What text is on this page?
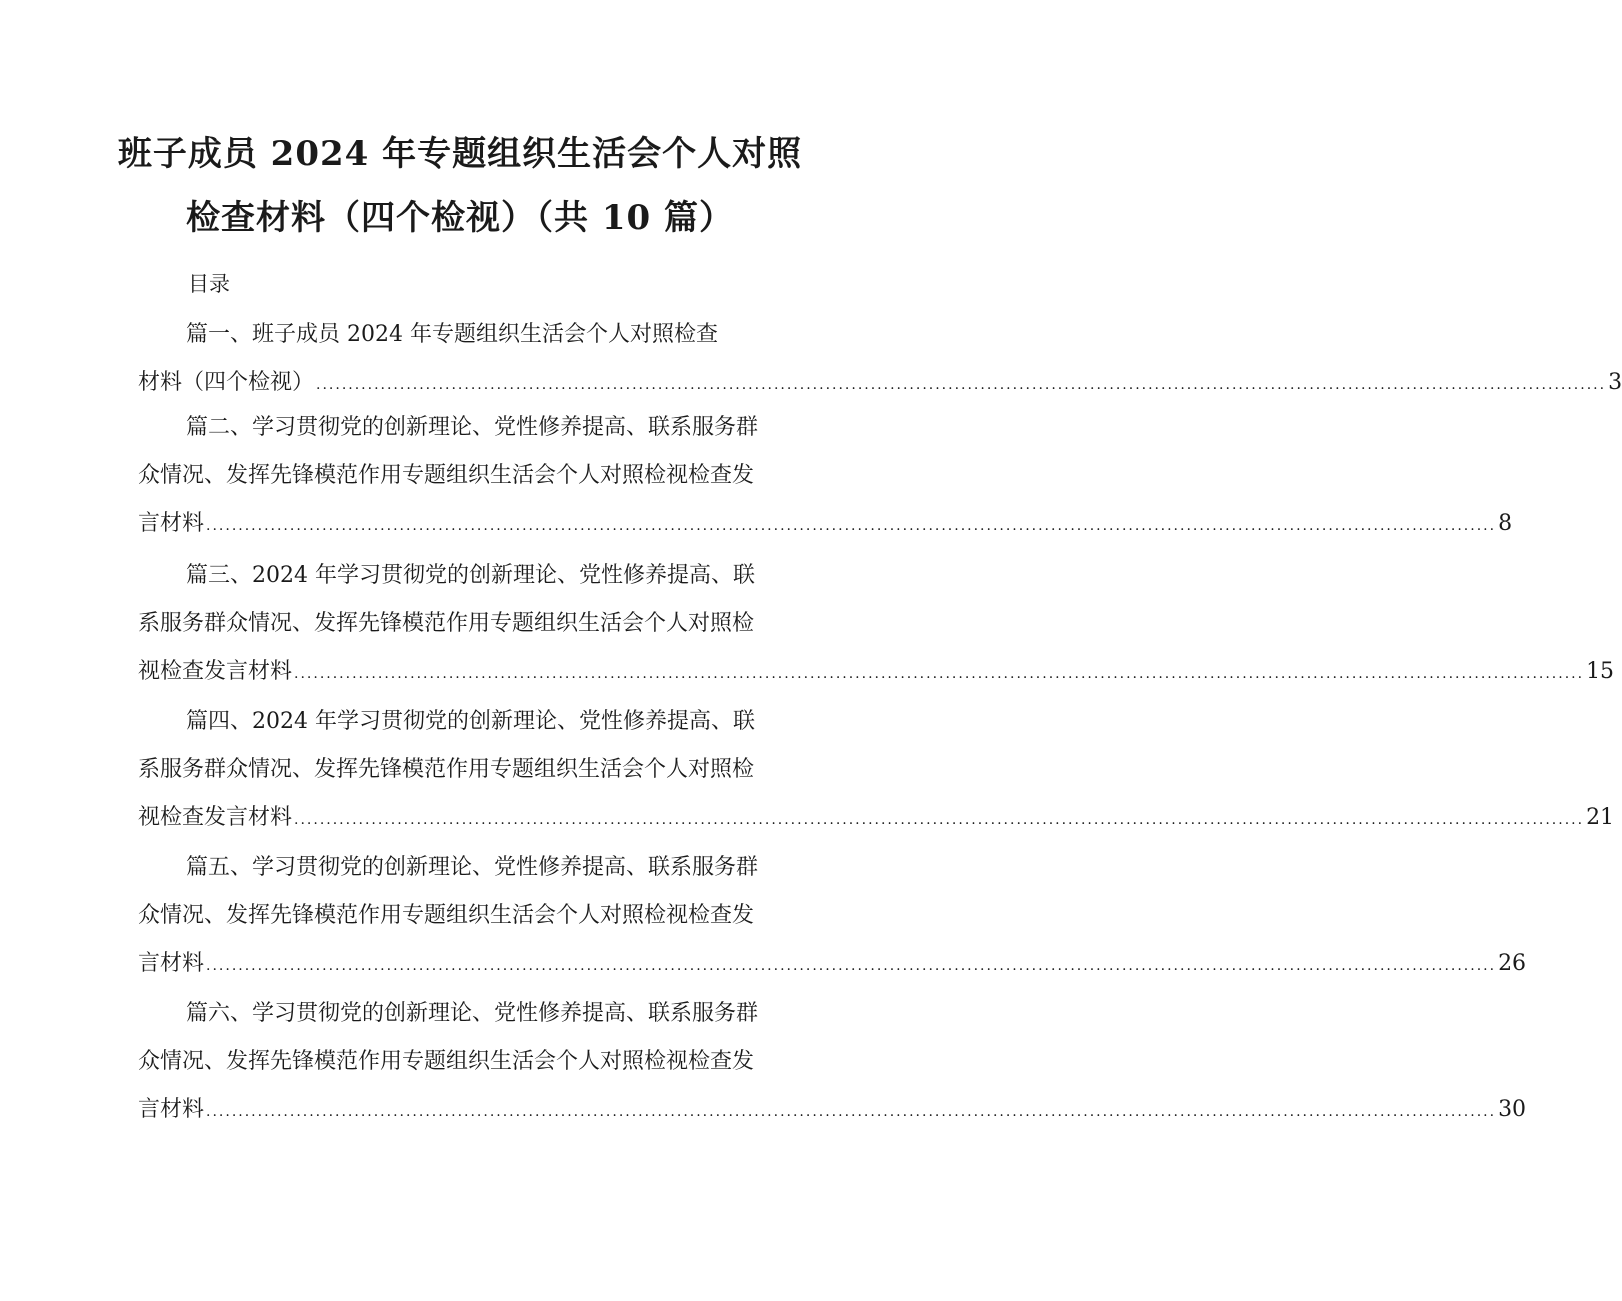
班子成员 2024 年专题组织生活会个人对照
检查材料（四个检视）（共 10 篇）
目录
篇一、班子成员 2024 年专题组织生活会个人对照检查
材料（四个检视） ........................................................................................................................................................................................................ 3
篇二、学习贯彻党的创新理论、党性修养提高、联系服务群
众情况、发挥先锋模范作用专题组织生活会个人对照检视检查发
言材料 ........................................................................................................................................................................................................ 8
篇三、2024 年学习贯彻党的创新理论、党性修养提高、联
系服务群众情况、发挥先锋模范作用专题组织生活会个人对照检
视检查发言材料 ........................................................................................................................................................................................................ 15
篇四、2024 年学习贯彻党的创新理论、党性修养提高、联
系服务群众情况、发挥先锋模范作用专题组织生活会个人对照检
视检查发言材料 ........................................................................................................................................................................................................ 21
篇五、学习贯彻党的创新理论、党性修养提高、联系服务群
众情况、发挥先锋模范作用专题组织生活会个人对照检视检查发
言材料 ........................................................................................................................................................................................................ 26
篇六、学习贯彻党的创新理论、党性修养提高、联系服务群
众情况、发挥先锋模范作用专题组织生活会个人对照检视检查发
言材料 ........................................................................................................................................................................................................ 30
